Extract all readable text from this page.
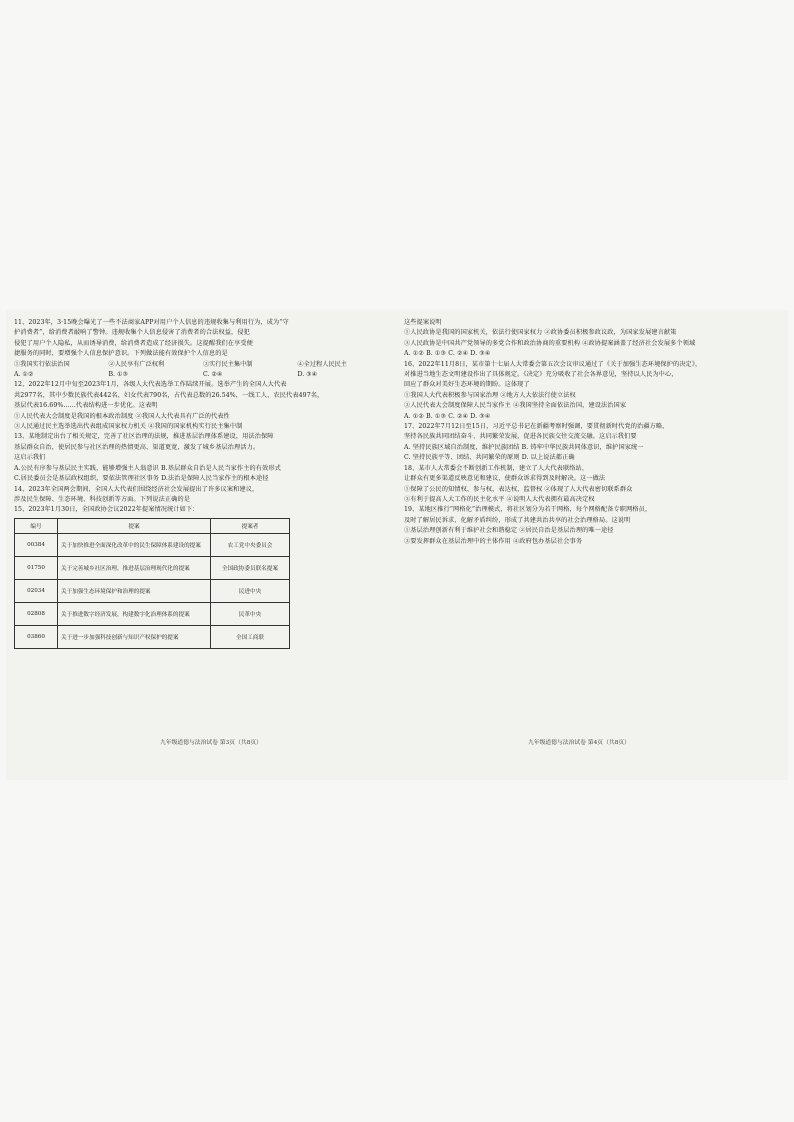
11、2023年，3·15晚会曝光了一些不法商家APP对用户个人信息的违规收集与利用行为，成为“守
护消费者”，给消费者敲响了警钟。违规收集个人信息侵害了消费者的合法权益，侵犯
侵犯了用户个人隐私，从而诱导消费，给消费者造成了经济损失。这提醒我们在享受便
捷服务的同时，要增强个人信息保护意识。下列做法能有效保护个人信息的是
①我国实行依法治国	②人民享有广泛权利	③实行民主集中制	④全过程人民民主
A. ①②	B. ①③	C. ②④	D. ③④
12、2022年12月中旬至2023年1月，各级人大代表选举工作陆续开展。选举产生的全国人大代表
共2977名，其中少数民族代表442名，妇女代表790名，占代表总数的26.54%，一线工人、农民代表497名，
基层代表16.69%……代表结构进一步优化。这表明
①人民代表大会制度是我国的根本政治制度 ②我国人大代表具有广泛的代表性
③人民通过民主选举选出代表组成国家权力机关 ④我国的国家机构实行民主集中制
13、某地制定出台了相关规定，完善了社区治理的法规，推进基层治理体系建设，用法治保障
基层群众自治，使居民参与社区治理的热情更高、渠道更宽，激发了城乡基层治理活力。
这启示我们
A.公民有序参与基层民主实践，能够增强主人翁意识 B.基层群众自治是人民当家作主的有效形式
C.居民委员会是基层政权组织，要依法管理社区事务 D.法治是保障人民当家作主的根本途径
14、2023年全国两会期间，全国人大代表们围绕经济社会发展提出了许多议案和建议，
涉及民生保障、生态环境、科技创新等方面。下列说法正确的是
15、2023年1月30日，全国政协会议2022年提案情况统计如下：
编号	提案	提案者
00384	关于加快推进全面深化改革中的民生保障体系建设的提案	农工党中央委员会
01750	关于完善城乡社区治理，推进基层治理现代化的提案	全国政协委员联名提案
02034	关于加强生态环境保护和治理的提案	民进中央
02808	关于推进数字经济发展，构建数字化治理体系的提案	民革中央
03860	关于进一步加强科技创新与知识产权保护的提案	全国工商联
这些提案说明
①人民政协是我国的国家机关，依法行使国家权力 ②政协委员积极参政议政，为国家发展建言献策
③人民政协是中国共产党领导的多党合作和政治协商的重要机构 ④政协提案涵盖了经济社会发展多个领域
A. ①② B. ①③ C. ②④ D. ③④
16、2022年11月8日，某市第十七届人大常委会第五次会议审议通过了《关于加强生态环境保护的决定》，
对推进当地生态文明建设作出了具体规定。《决定》充分吸收了社会各界意见，坚持以人民为中心，
回应了群众对美好生态环境的期盼。这体现了
①我国人大代表积极参与国家治理 ②地方人大依法行使立法权
③人民代表大会制度保障人民当家作主 ④我国坚持全面依法治国，建设法治国家
A. ①② B. ①③ C. ②④ D. ③④
17、2022年7月12日至15日，习近平总书记在新疆考察时强调，要贯彻新时代党的治疆方略，
坚持各民族共同团结奋斗、共同繁荣发展，促进各民族交往交流交融。这启示我们要
A. 坚持民族区域自治制度，维护民族团结 B. 铸牢中华民族共同体意识，维护国家统一
C. 坚持民族平等、团结、共同繁荣的原则 D. 以上说法都正确
18、某市人大常委会不断创新工作机制，建立了人大代表联络站，
让群众有更多渠道反映意见和建议，使群众诉求得到及时解决。这一做法
①保障了公民的知情权、参与权、表达权、监督权 ②体现了人大代表密切联系群众
③有利于提高人大工作的民主化水平 ④说明人大代表拥有最高决定权
19、某地区推行“网格化”治理模式，将社区划分为若干网格，每个网格配备专职网格员，
及时了解居民诉求、化解矛盾纠纷，形成了共建共治共享的社会治理格局。这说明
①基层治理创新有利于维护社会和谐稳定 ②居民自治是基层治理的唯一途径
③要发挥群众在基层治理中的主体作用 ④政府包办基层社会事务
九年级道德与法治试卷 第3页（共8页）	九年级道德与法治试卷 第4页（共8页）
